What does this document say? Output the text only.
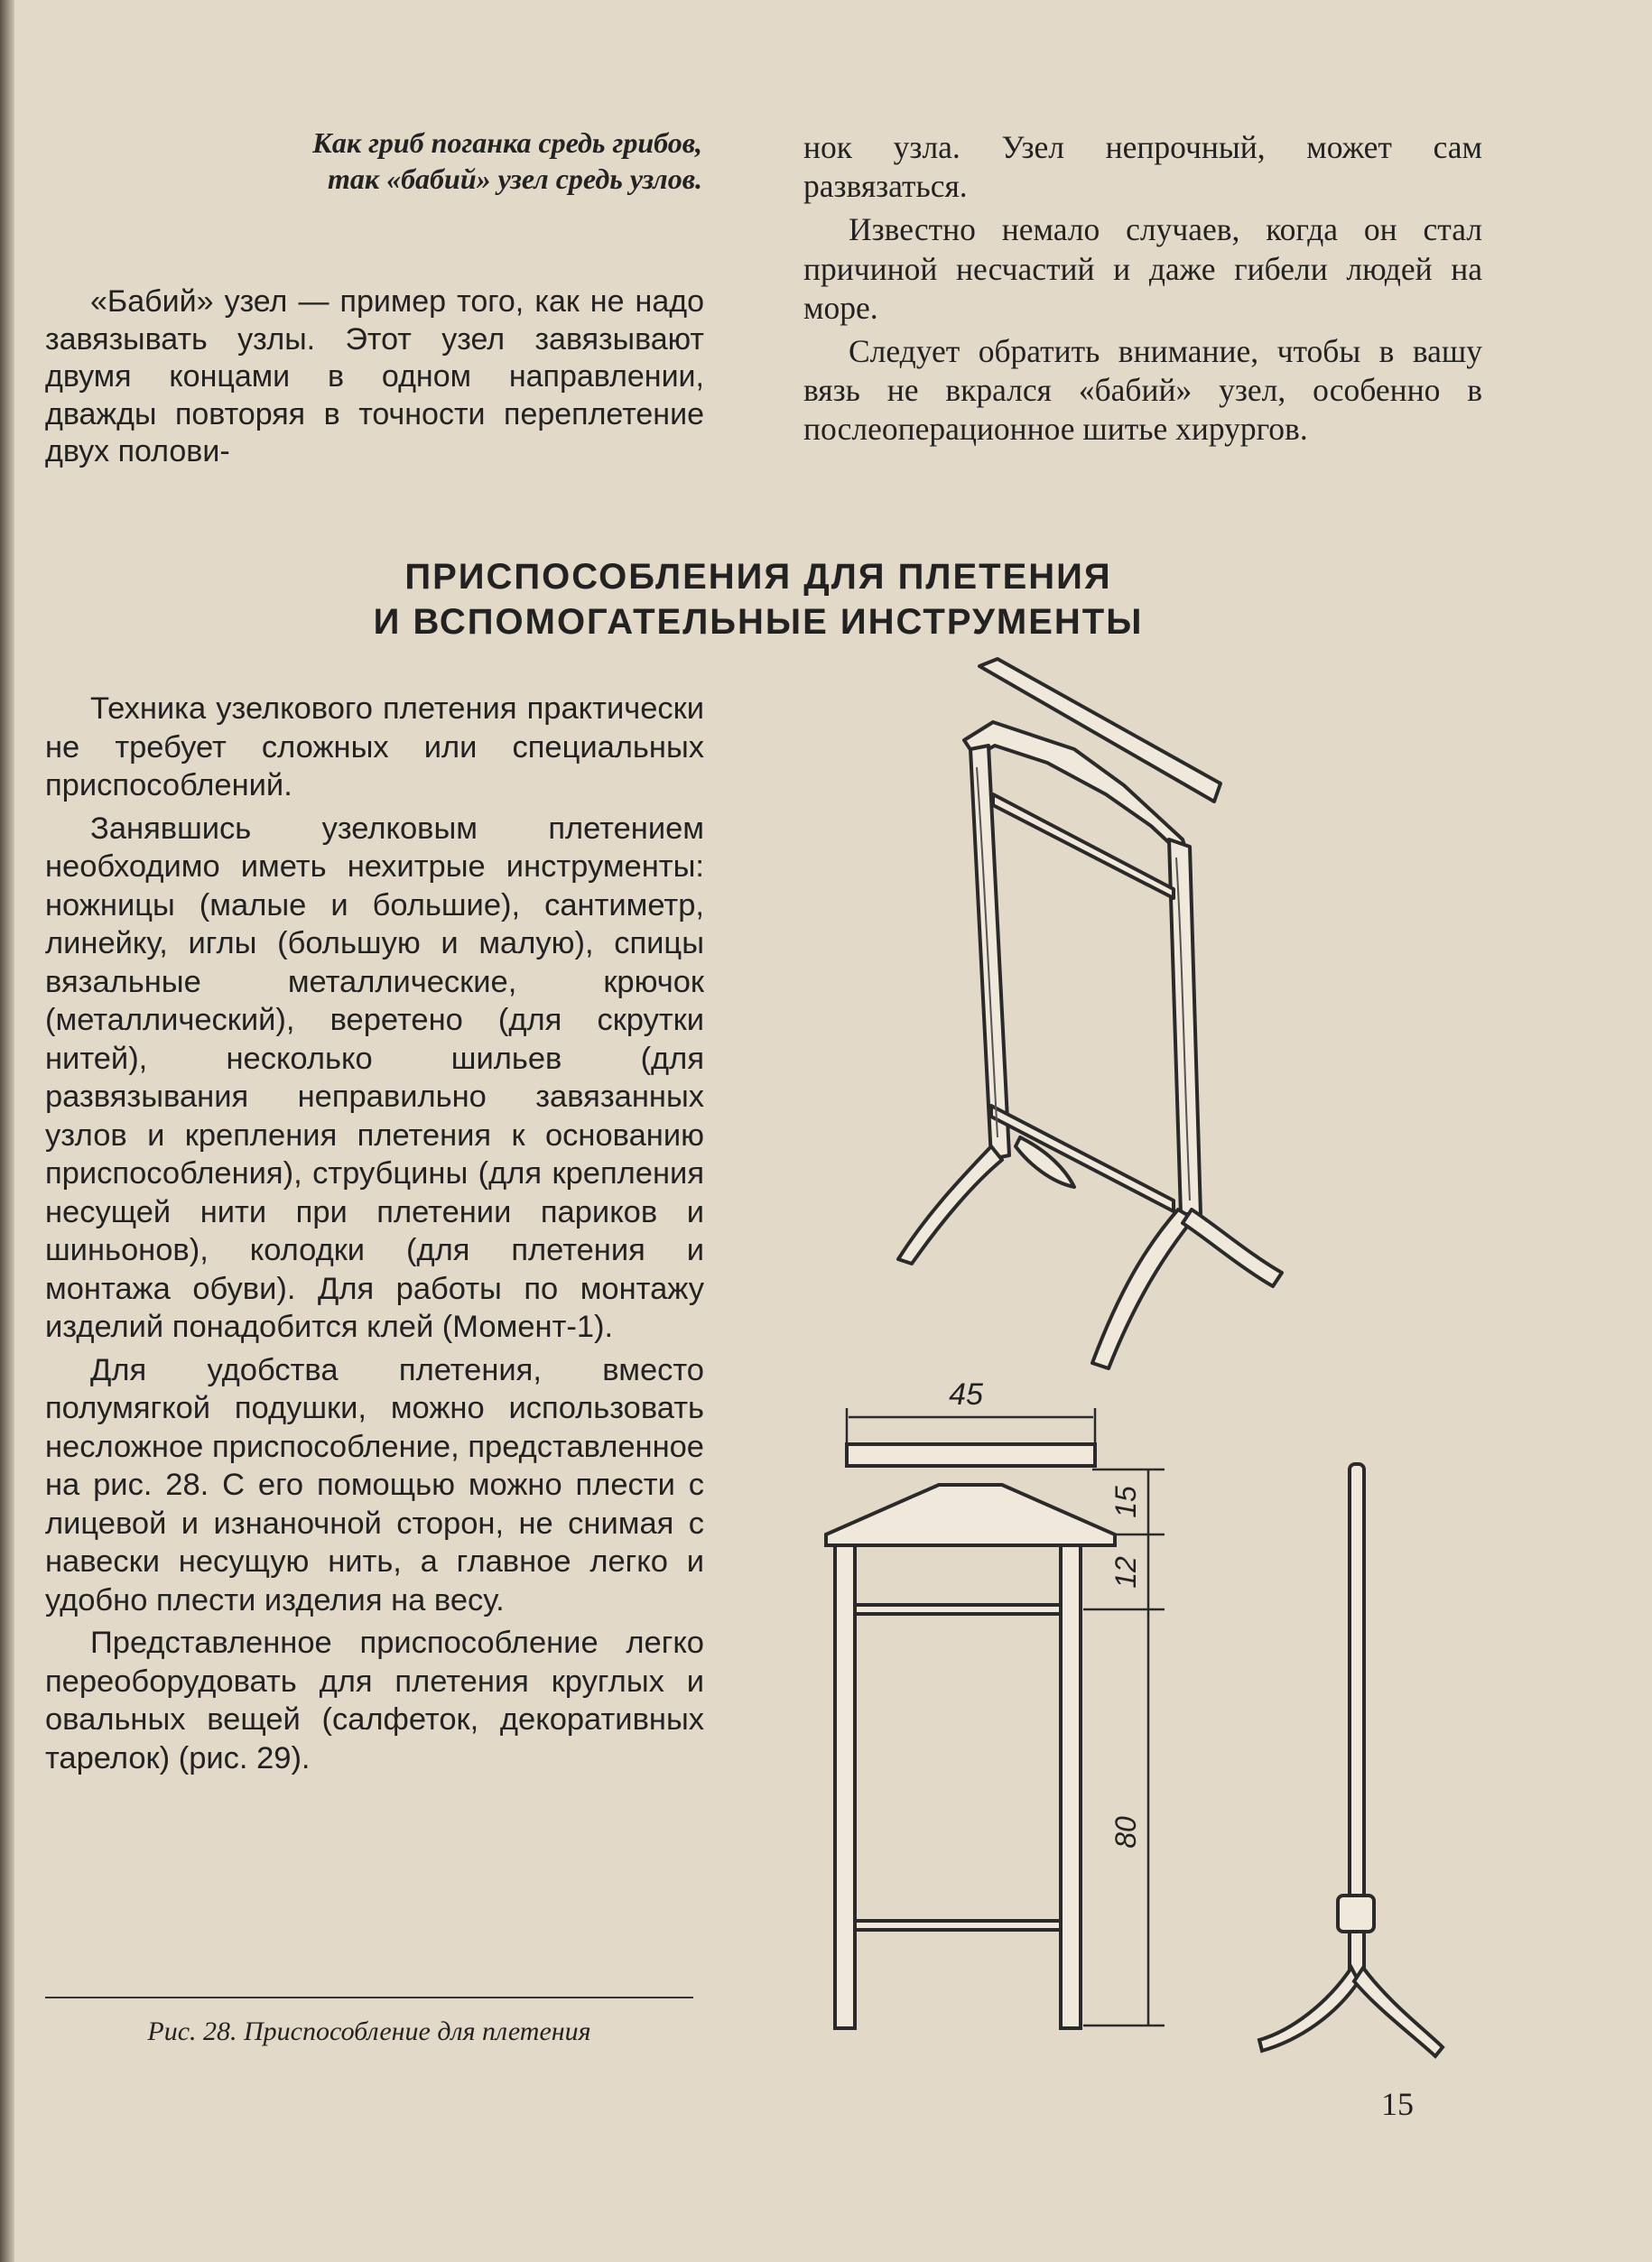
Как гриб поганка средь грибов,
так «бабий» узел средь узлов.

«Бабий» узел — пример того, как не надо завязывать узлы. Этот узел завязывают двумя концами в одном направлении, дважды повторяя в точности переплетение двух полови-

нок узла. Узел непрочный, может сам развязаться.

Известно немало случаев, когда он стал причиной несчастий и даже гибели людей на море.

Следует обратить внимание, чтобы в вашу вязь не вкрался «бабий» узел, особенно в послеоперационное шитье хирургов.

ПРИСПОСОБЛЕНИЯ ДЛЯ ПЛЕТЕНИЯ
И ВСПОМОГАТЕЛЬНЫЕ ИНСТРУМЕНТЫ

Техника узелкового плетения практически не требует сложных или специальных приспособлений.

Занявшись узелковым плетением необходимо иметь нехитрые инструменты: ножницы (малые и большие), сантиметр, линейку, иглы (большую и малую), спицы вязальные металлические, крючок (металлический), веретено (для скрутки нитей), несколько шильев (для развязывания неправильно завязанных узлов и крепления плетения к основанию приспособления), струбцины (для крепления несущей нити при плетении париков и шиньонов), колодки (для плетения и монтажа обуви). Для работы по монтажу изделий понадобится клей (Момент-1).

Для удобства плетения, вместо полумягкой подушки, можно использовать несложное приспособление, представленное на рис. 28. С его помощью можно плести с лицевой и изнаночной сторон, не снимая с навески несущую нить, а главное легко и удобно плести изделия на весу.

Представленное приспособление легко переоборудовать для плетения круглых и овальных вещей (салфеток, декоративных тарелок) (рис. 29).

Рис. 28. Приспособление для плетения
45
15
12
80
15
